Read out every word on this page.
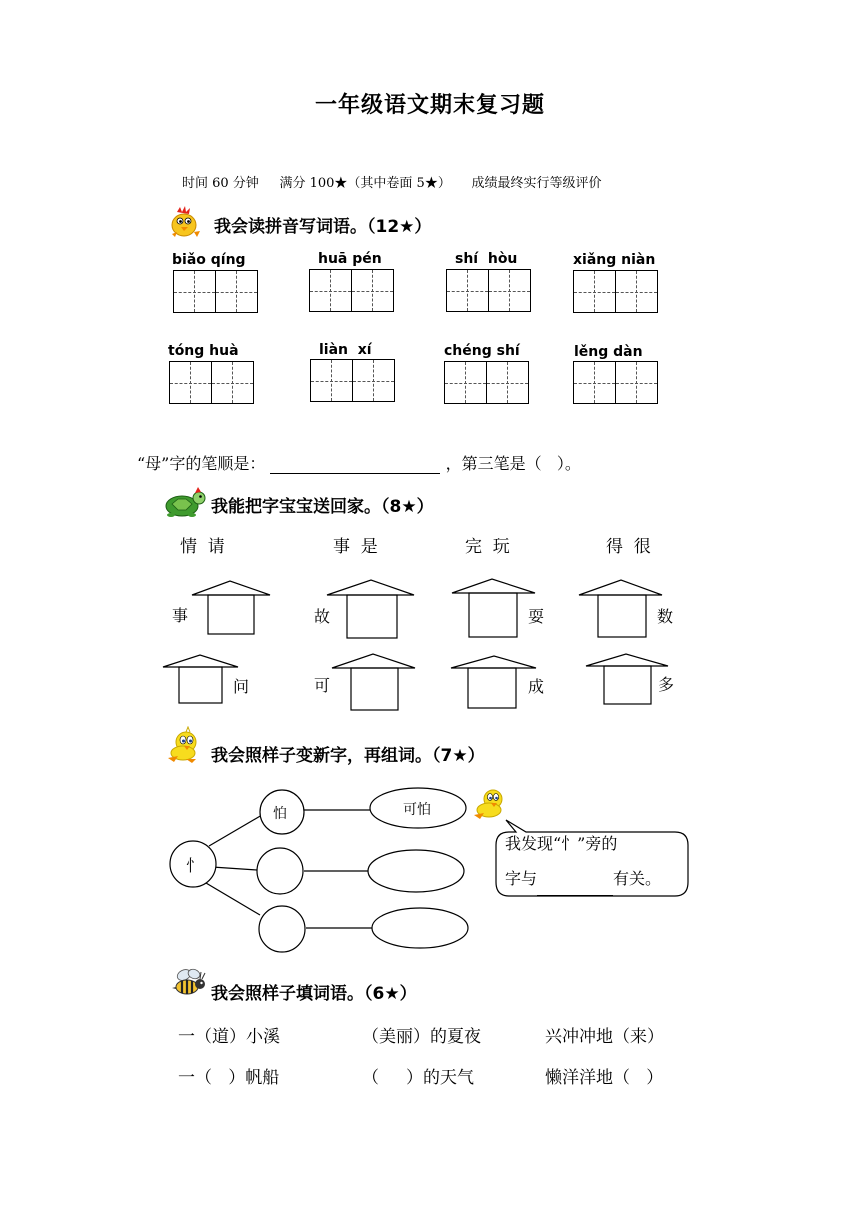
一年级语文期末复习题
时间 60 分钟 满分 100★（其中卷面 5★） 成绩最终实行等级评价
我会读拼音写词语。（12★）
biǎo qíng	huā pén	shí  hòu	xiǎng niàn
tóng huà	liàn  xí	chéng shí	lěng dàn
“母”字的笔顺是：	，第三笔是（ ）。
我能把字宝宝送回家。（8★）
情  请	事  是	完  玩	得  很
事	故	耍	数
问	可	成	多
我会照样子变新字，再组词。（7★）
忄
怕	可怕
我发现“忄”旁的
字与	有关。
我会照样子填词语。（6★）
一（道）小溪	（美丽）的夏夜	兴冲冲地（来）
一（   ）帆船	（     ）的天气	懒洋洋地（   ）
